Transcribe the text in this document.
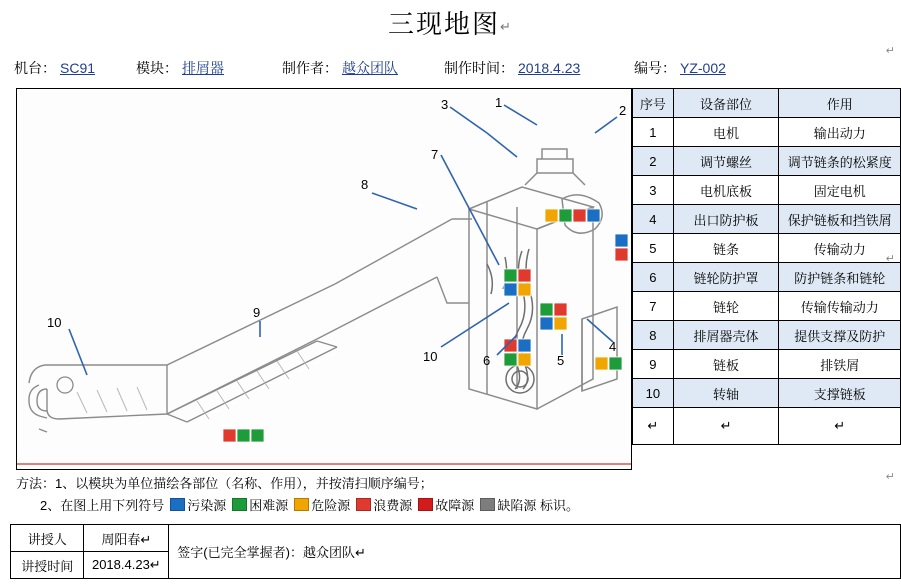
三现地图↵
机台： SC91	模块： 排屑器	制作者： 越众团队	制作时间： 2018.4.23	编号： YZ-002
3	1
2
4
5
6
7
8
9
10
10
序号	设备部位	作用
1	电机	输出动力
2	调节螺丝	调节链条的松紧度
3	电机底板	固定电机
4	出口防护板	保护链板和挡铁屑
5	链条	传输动力
6	链轮防护罩	防护链条和链轮
7	链轮	传输传输动力
8	排屑器壳体	提供支撑及防护
9	链板	排铁屑
10	转轴	支撑链板
↵	↵	↵
方法：1、以模块为单位描绘各部位（名称、作用），并按清扫顺序编号；
2、在图上用下列符号 污染源 困难源 危险源 浪费源 故障源 缺陷源 标识。
讲授人	周阳春↵	签字(已完全掌握者)：越众团队↵
讲授时间	2018.4.23↵	
↵
↵
↵
